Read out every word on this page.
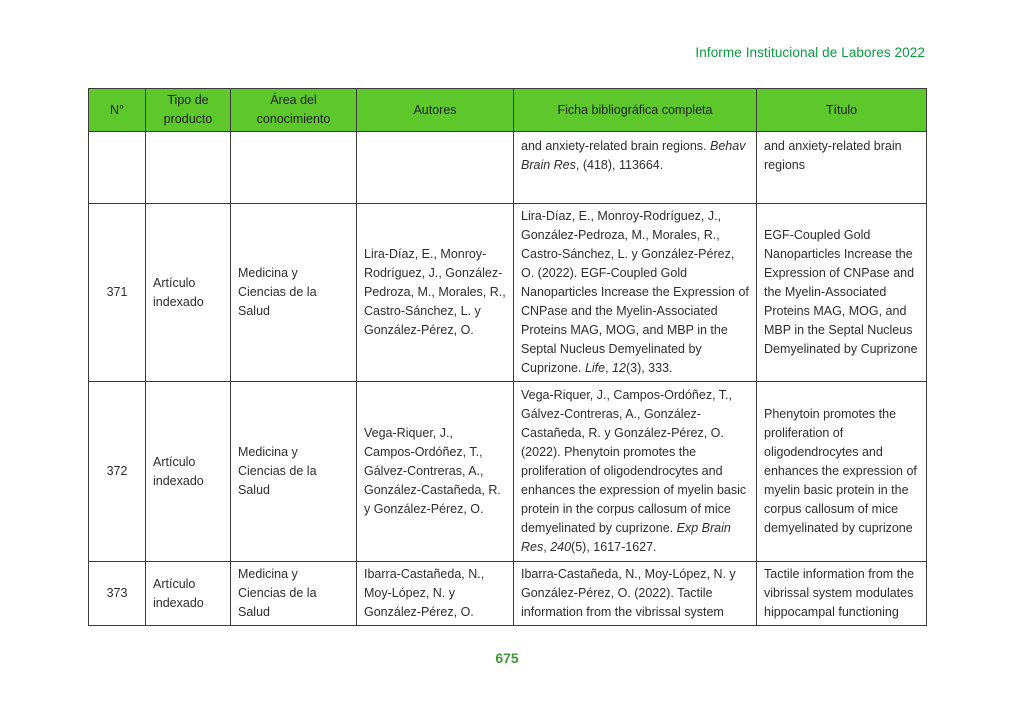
Informe Institucional de Labores 2022
N°	Tipo de producto	Área del conocimiento	Autores	Ficha bibliográfica completa	Título
				and anxiety-related brain regions. Behav Brain Res, (418), 113664.	and anxiety-related brain regions
371	Artículo indexado	Medicina y Ciencias de la Salud	Lira-Díaz, E., Monroy-Rodríguez, J., González-Pedroza, M., Morales, R., Castro-Sánchez, L. y González-Pérez, O.	Lira-Díaz, E., Monroy-Rodríguez, J., González-Pedroza, M., Morales, R., Castro-Sánchez, L. y González-Pérez, O. (2022). EGF-Coupled Gold Nanoparticles Increase the Expression of CNPase and the Myelin-Associated Proteins MAG, MOG, and MBP in the Septal Nucleus Demyelinated by Cuprizone. Life, 12(3), 333.	EGF-Coupled Gold Nanoparticles Increase the Expression of CNPase and the Myelin-Associated Proteins MAG, MOG, and MBP in the Septal Nucleus Demyelinated by Cuprizone
372	Artículo indexado	Medicina y Ciencias de la Salud	Vega-Riquer, J., Campos-Ordóñez, T., Gálvez-Contreras, A., González-Castañeda, R. y González-Pérez, O.	Vega-Riquer, J., Campos-Ordóñez, T., Gálvez-Contreras, A., González-Castañeda, R. y González-Pérez, O. (2022). Phenytoin promotes the proliferation of oligodendrocytes and enhances the expression of myelin basic protein in the corpus callosum of mice demyelinated by cuprizone. Exp Brain Res, 240(5), 1617-1627.	Phenytoin promotes the proliferation of oligodendrocytes and enhances the expression of myelin basic protein in the corpus callosum of mice demyelinated by cuprizone
373	Artículo indexado	Medicina y Ciencias de la Salud	Ibarra-Castañeda, N., Moy-López, N. y González-Pérez, O.	Ibarra-Castañeda, N., Moy-López, N. y González-Pérez, O. (2022). Tactile information from the vibrissal system	Tactile information from the vibrissal system modulates hippocampal functioning
675
